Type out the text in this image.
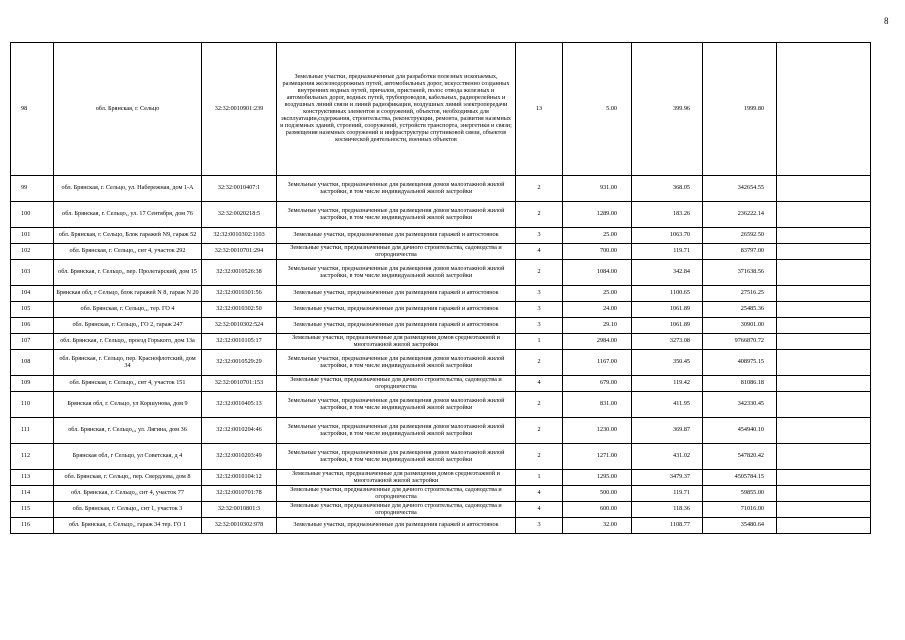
8
98	обл. Брянская, г. Сельцо	32:32:0010901:239	Земельные участки, предназначенные для разработки полезных ископаемых, размещения железнодорожных путей, автомобильных дорог, искусственно созданных внутренних водных путей, причалов, пристаней, полос отвода железных и автомобильных дорог, водных путей, трубопроводов, кабельных, радиорелейных и воздушных линий связи и линий радиофикации, воздушных линий электропередачи конструктивных элементов и сооружений, объектов, необходимых для эксплуатации,содержания, строительства, реконструкции, ремонта, развития наземных и подземных зданий, строений, сооружений, устройств транспорта, энергетики и связи; размещения наземных сооружений и инфраструктуры спутниковой связи, объектов космической деятельности, военных объектов	13	5.00	399.96	1999.80	
99	обл. Брянская, г. Сельцо, ул. Набережная, дом 1-А	32:32:0010407:1	Земельные участки, предназначенные для размещения домов малоэтажной жилой застройки, в том числе индивидуальной жилой застройки	2	931.00	368.05	342654.55	
100	обл. Брянская, г. Сельцо,, ул. 17 Сентября, дом 76	32:32:0020218:5	Земельные участки, предназначенные для размещения домов малоэтажной жилой застройки, в том числе индивидуальной жилой застройки	2	1289.00	183.26	236222.14	
101	обл. Брянская, г. Сельцо, Блок гаражей N9, гараж 52	32:32:0010302:1103	Земельные участки, предназначенные для размещения гаражей и автостоянок	3	25.00	1063.70	26592.50	
102	обл. Брянская, г. Сельцо,, снт 4, участок 292	32:32:0010701:294	Земельные участки, предназначенные для дачного строительства, садоводства и огородничества	4	700.00	119.71	83797.00	
103	обл. Брянская, г. Сельцо,, пер. Пролетарский, дом 15	32:32:0010526:38	Земельные участки, предназначенные для размещения домов малоэтажной жилой застройки, в том числе индивидуальной жилой застройки	2	1084.00	342.84	371638.56	
104	Брянская обл, г Сельцо, блок гаражей N 8, гараж N 20	32:32:0010301:56	Земельные участки, предназначенные для размещения гаражей и автостоянок	3	25.00	1100.65	27516.25	
105	обл. Брянская, г. Сельцо,,, тер. ГО 4	32:32:0010302:50	Земельные участки, предназначенные для размещения гаражей и автостоянок	3	24.00	1061.89	25485.36	
106	обл. Брянская, г. Сельцо,, ГО 2, гараж 247	32:32:0010302:524	Земельные участки, предназначенные для размещения гаражей и автостоянок	3	29.10	1061.89	30901.00	
107	обл. Брянская, г. Сельцо,, проезд Горького, дом 13а	32:32:0010105:17	Земельные участки, предназначенные для размещения домов среднеэтажной и многоэтажной жилой застройки	1	2984.00	3273.08	9766870.72	
108	обл. Брянская, г. Сельцо, пер. Краснофлотский, дом 34	32:32:0010529:29	Земельные участки, предназначенные для размещения домов малоэтажной жилой застройки, в том числе индивидуальной жилой застройки	2	1167.00	350.45	408975.15	
109	обл. Брянская, г. Сельцо,, снт 4, участок 151	32:32:0010701:153	Земельные участки, предназначенные для дачного строительства, садоводства и огородничества	4	679.00	119.42	81086.18	
110	Брянская обл, г. Сельцо, ул Коршунова, дом 9	32:32:0010405:13	Земельные участки, предназначенные для размещения домов малоэтажной жилой застройки, в том числе индивидуальной жилой застройки	2	831.00	411.95	342330.45	
111	обл. Брянская, г. Сельцо,,, ул. Лягина, дом 36	32:32:0010204:46	Земельные участки, предназначенные для размещения домов малоэтажной жилой застройки, в том числе индивидуальной жилой застройки	2	1230.00	369.87	454940.10	
112	Брянская обл, г Сельцо, ул Советская, д 4	32:32:0010203:49	Земельные участки, предназначенные для размещения домов малоэтажной жилой застройки, в том числе индивидуальной жилой застройки	2	1271.00	431.02	547820.42	
113	обл. Брянская, г. Сельцо,, пер. Свердлова, дом 8	32:32:0010104:12	Земельные участки, предназначенные для размещения домов среднеэтажной и многоэтажной жилой застройки	1	1295.00	3479.37	4505784.15	
114	обл. Брянская, г. Сельцо,, снт 4, участок 77	32:32:0010701:78	Земельные участки, предназначенные для дачного строительства, садоводства и огородничества	4	500.00	119.71	59855.00	
115	обл. Брянская, г. Сельцо,, снт 1, участок 3	32:32:0010801:3	Земельные участки, предназначенные для дачного строительства, садоводства и огородничества	4	600.00	118.36	71016.00	
116	обл. Брянская, г. Сельцо,, гараж 34 тер. ГО 1	32:32:0010302:978	Земельные участки, предназначенные для размещения гаражей и автостоянок	3	32.00	1108.77	35480.64	
